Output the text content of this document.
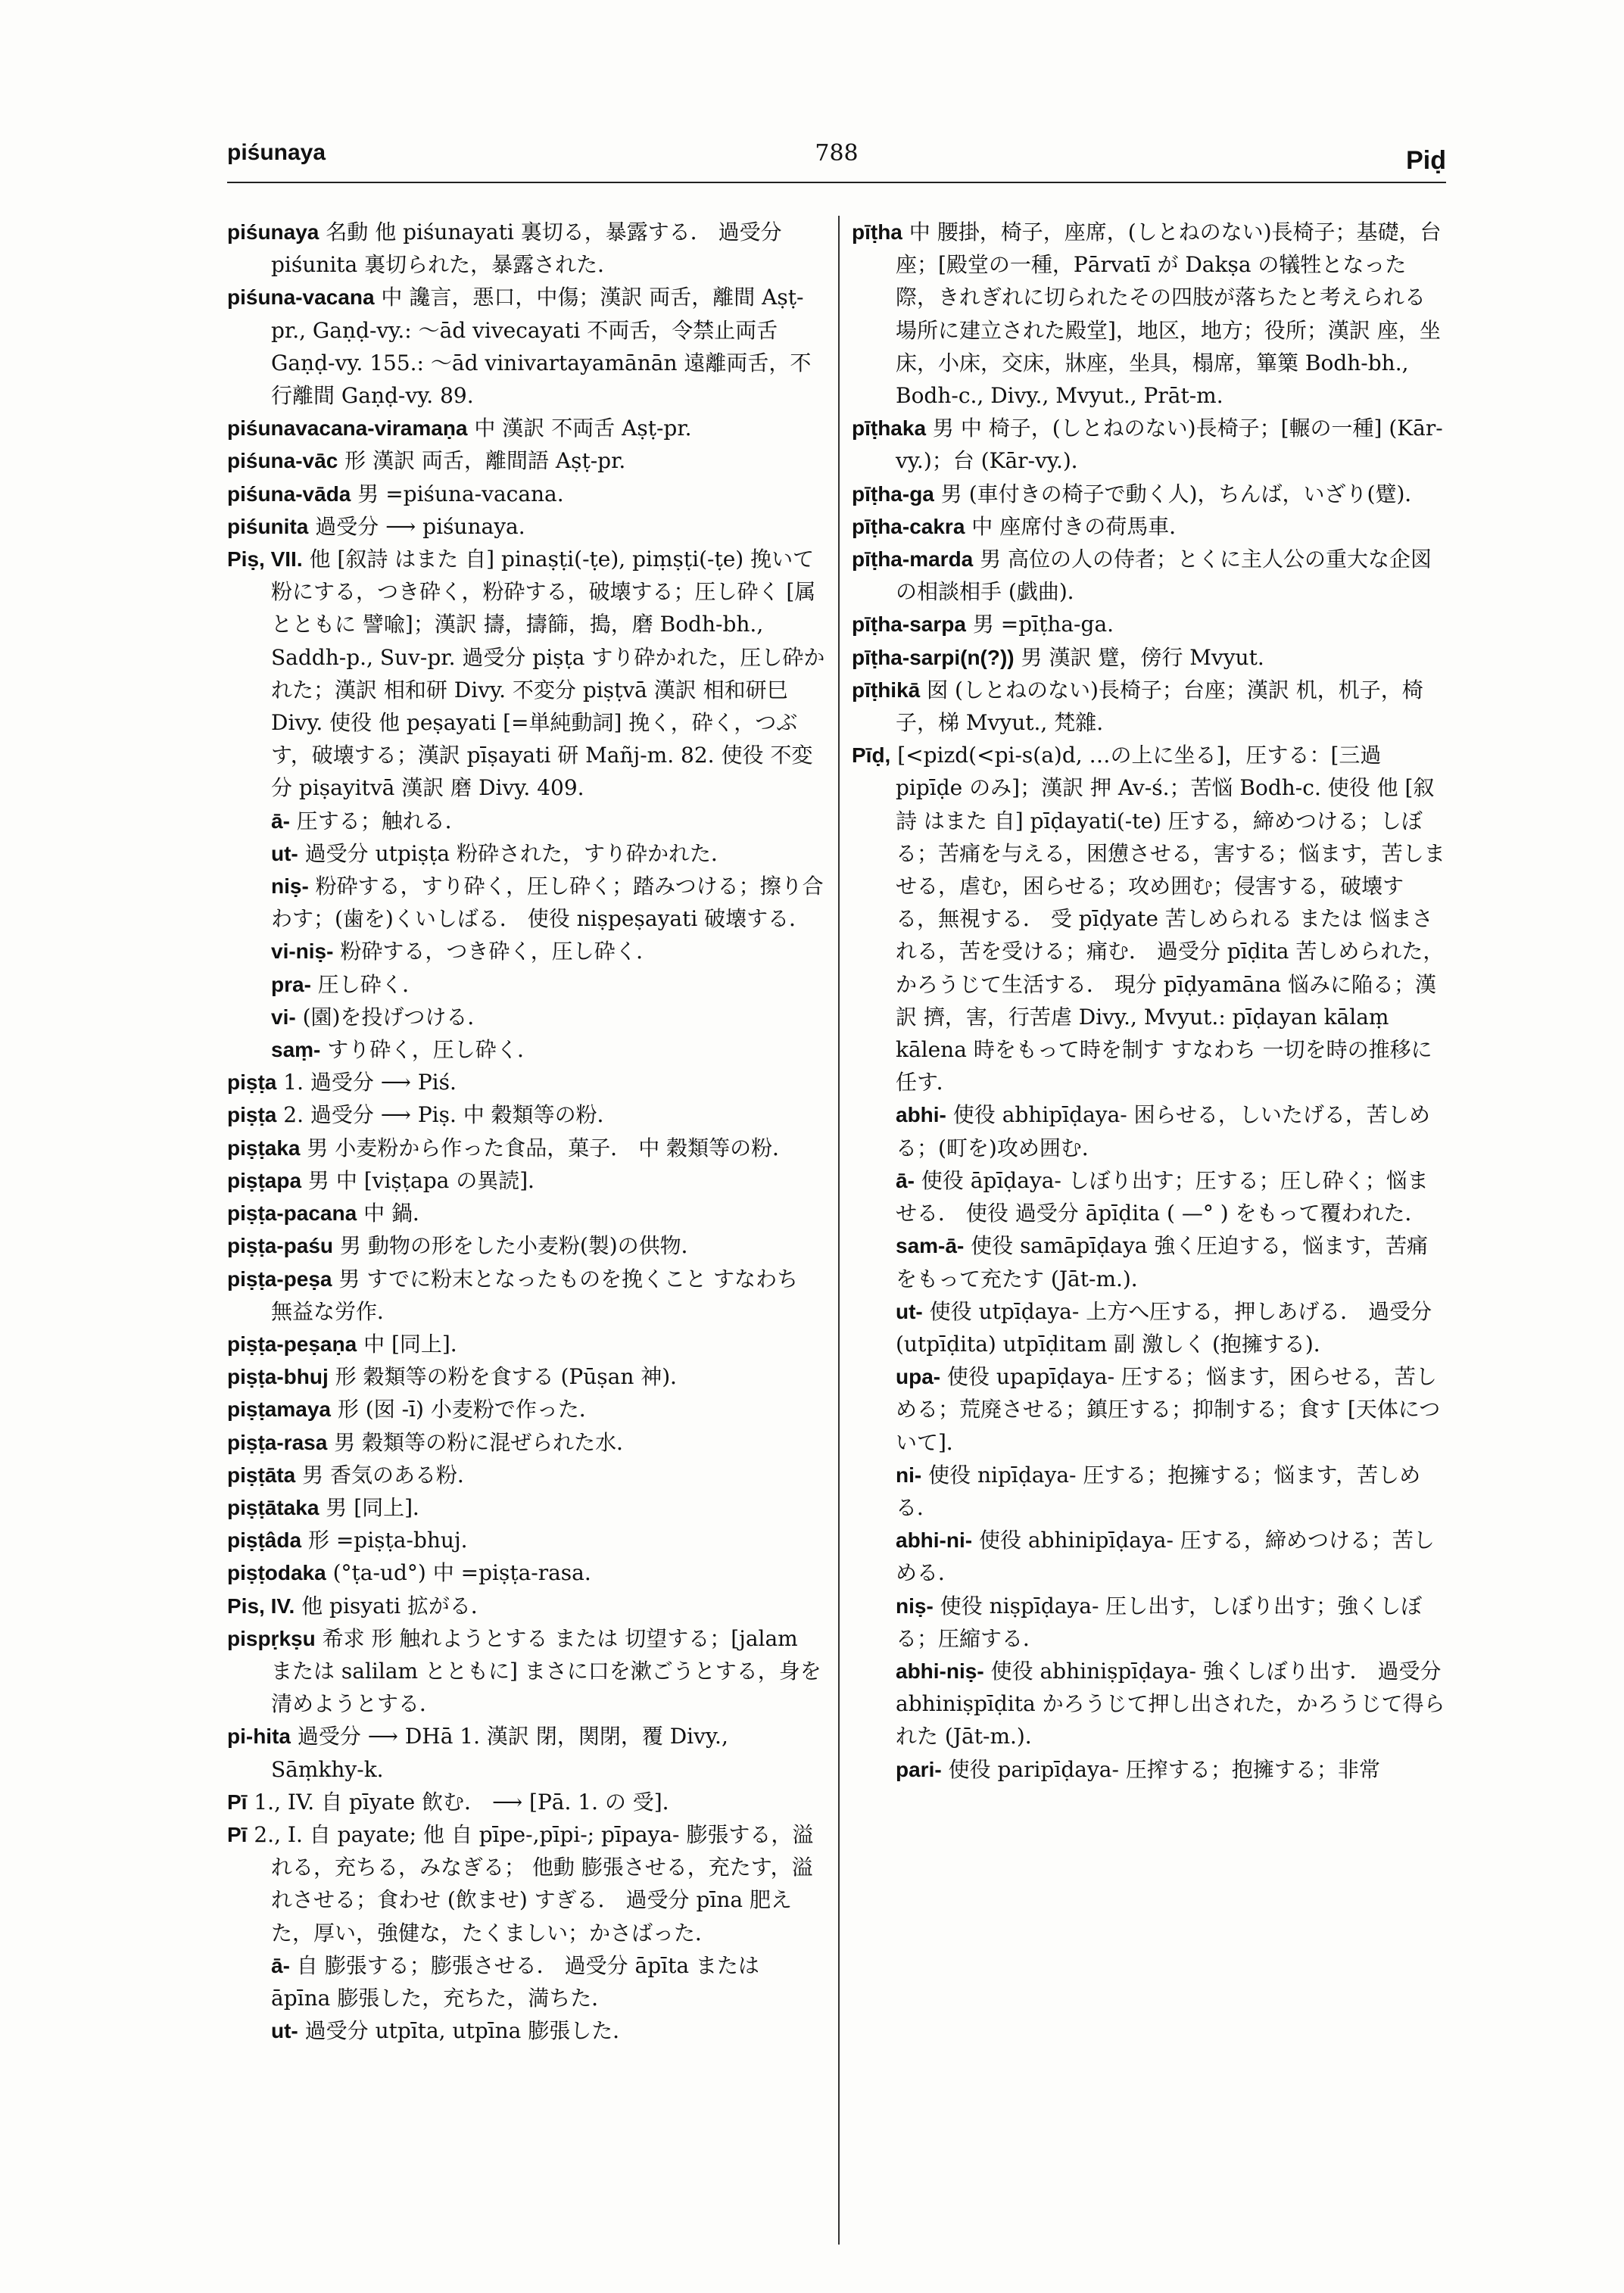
piśunaya	788	Piḍ

piśunaya 名動 他 piśunayati 裏切る，暴露する． 過受分 piśunita 裏切られた，暴露された．

piśuna-vacana 中 讒言，悪口，中傷；漢訳 両舌，離間 Aṣṭ-pr., Gaṇḍ-vy.: ～ād vivecayati 不両舌，令禁止両舌 Gaṇḍ-vy. 155.: ～ād vinivartayamānān 遠離両舌，不行離間 Gaṇḍ-vy. 89.

piśunavacana-viramaṇa 中 漢訳 不両舌 Aṣṭ-pr.

piśuna-vāc 形 漢訳 両舌，離間語 Aṣṭ-pr.

piśuna-vāda 男 =piśuna-vacana.

piśunita 過受分 ⟶ piśunaya.

Piṣ, VII. 他 [叙詩 はまた 自] pinaṣṭi(-ṭe), piṃṣṭi(-ṭe) 挽いて粉にする，つき砕く，粉砕する，破壊する；圧し砕く [属 とともに 譬喩]；漢訳 擣，擣篩，搗，磨 Bodh-bh., Saddh-p., Suv-pr. 過受分 piṣṭa すり砕かれた，圧し砕かれた；漢訳 相和研 Divy. 不変分 piṣṭvā 漢訳 相和研巳 Divy. 使役 他 peṣayati [=単純動詞] 挽く，砕く，つぶす，破壊する；漢訳 pīṣayati 研 Mañj-m. 82. 使役 不変分 piṣayitvā 漢訳 磨 Divy. 409.

ā- 圧する；触れる．

ut- 過受分 utpiṣṭa 粉砕された，すり砕かれた．

niṣ- 粉砕する，すり砕く，圧し砕く；踏みつける；擦り合わす；(歯を)くいしばる． 使役 niṣpeṣayati 破壊する．

vi-niṣ- 粉砕する，つき砕く，圧し砕く．

pra- 圧し砕く．

vi- (園)を投げつける．

saṃ- すり砕く，圧し砕く．

piṣṭa 1. 過受分 ⟶ Piś.

piṣṭa 2. 過受分 ⟶ Piṣ. 中 穀類等の粉．

piṣṭaka 男 小麦粉から作った食品，菓子． 中 穀類等の粉．

piṣṭapa 男 中 [viṣṭapa の異読]．

piṣṭa-pacana 中 鍋．

piṣṭa-paśu 男 動物の形をした小麦粉(製)の供物．

piṣṭa-peṣa 男 すでに粉末となったものを挽くこと すなわち 無益な労作．

piṣṭa-peṣaṇa 中 [同上]．

piṣṭa-bhuj 形 穀類等の粉を食する (Pūṣan 神)．

piṣṭamaya 形 (囡 -ī) 小麦粉で作った．

piṣṭa-rasa 男 穀類等の粉に混ぜられた水．

piṣṭāta 男 香気のある粉．

piṣṭātaka 男 [同上]．

piṣṭâda 形 =piṣṭa-bhuj.

piṣṭodaka (°ṭa-ud°) 中 =piṣṭa-rasa.

Pis, IV. 他 pisyati 拡がる．

pispṛkṣu 希求 形 触れようとする または 切望する；[jalam または salilam とともに] まさに口を漱ごうとする，身を清めようとする．

pi-hita 過受分 ⟶ DHā 1. 漢訳 閉，関閉，覆 Divy., Sāṃkhy-k.

Pī 1., IV. 自 pīyate 飲む． ⟶ [Pā. 1. の 受]．

Pī 2., I. 自 payate; 他 自 pīpe-,pīpi-; pīpaya- 膨張する，溢れる，充ちる，みなぎる； 他動 膨張させる，充たす，溢れさせる；食わせ (飲ませ) すぎる． 過受分 pīna 肥えた，厚い，強健な，たくましい；かさばった．

ā- 自 膨張する；膨張させる． 過受分 āpīta または āpīna 膨張した，充ちた，満ちた．

ut- 過受分 utpīta, utpīna 膨張した．

pīṭha 中 腰掛，椅子，座席，(しとねのない)長椅子；基礎，台座；[殿堂の一種，Pārvatī が Dakṣa の犠牲となった際，きれぎれに切られたその四肢が落ちたと考えられる場所に建立された殿堂]，地区，地方；役所；漢訳 座，坐床，小床，交床，牀座，坐具，榻席，篳篥 Bodh-bh., Bodh-c., Divy., Mvyut., Prāt-m.

pīṭhaka 男 中 椅子，(しとねのない)長椅子；[輾の一種] (Kār-vy.)；台 (Kār-vy.)．

pīṭha-ga 男 (車付きの椅子で動く人)，ちんば，いざり(躄)．

pīṭha-cakra 中 座席付きの荷馬車．

pīṭha-marda 男 高位の人の侍者；とくに主人公の重大な企図の相談相手 (戯曲)．

pīṭha-sarpa 男 =pīṭha-ga.

pīṭha-sarpi(n(?)) 男 漢訳 躄，傍行 Mvyut.

pīṭhikā 囡 (しとねのない)長椅子；台座；漢訳 机，机子，椅子，梯 Mvyut., 梵雜.

Pīḍ, [<pizd(<pi-s(a)d, …の上に坐る]，圧する：[三過 pipīḍe のみ]；漢訳 押 Av-ś.；苦悩 Bodh-c. 使役 他 [叙詩 はまた 自] pīḍayati(-te) 圧する，締めつける；しぼる；苦痛を与える，困憊させる，害する；悩ます，苦しませる，虐む，困らせる；攻め囲む；侵害する，破壊する，無視する． 受 pīḍyate 苦しめられる または 悩まされる，苦を受ける；痛む． 過受分 pīḍita 苦しめられた，かろうじて生活する． 現分 pīḍyamāna 悩みに陥る；漢訳 擠，害，行苦虐 Divy., Mvyut.: pīḍayan kālaṃ kālena 時をもって時を制す すなわち 一切を時の推移に任す．

abhi- 使役 abhipīḍaya- 困らせる，しいたげる，苦しめる；(町を)攻め囲む．

ā- 使役 āpīḍaya- しぼり出す；圧する；圧し砕く；悩ませる． 使役 過受分 āpīḍita ( —° ) をもって覆われた．

sam-ā- 使役 samāpīḍaya 強く圧迫する，悩ます，苦痛をもって充たす (Jāt-m.)．

ut- 使役 utpīḍaya- 上方へ圧する，押しあげる． 過受分 (utpīḍita) utpīḍitam 副 激しく (抱擁する)．

upa- 使役 upapīḍaya- 圧する；悩ます，困らせる，苦しめる；荒廃させる；鎮圧する；抑制する；食す [天体について]．

ni- 使役 nipīḍaya- 圧する；抱擁する；悩ます，苦しめる．

abhi-ni- 使役 abhinipīḍaya- 圧する，締めつける；苦しめる．

niṣ- 使役 niṣpīḍaya- 圧し出す，しぼり出す；強くしぼる；圧縮する．

abhi-niṣ- 使役 abhiniṣpīḍaya- 強くしぼり出す． 過受分 abhiniṣpīḍita かろうじて押し出された，かろうじて得られた (Jāt-m.)．

pari- 使役 paripīḍaya- 圧搾する；抱擁する；非常
